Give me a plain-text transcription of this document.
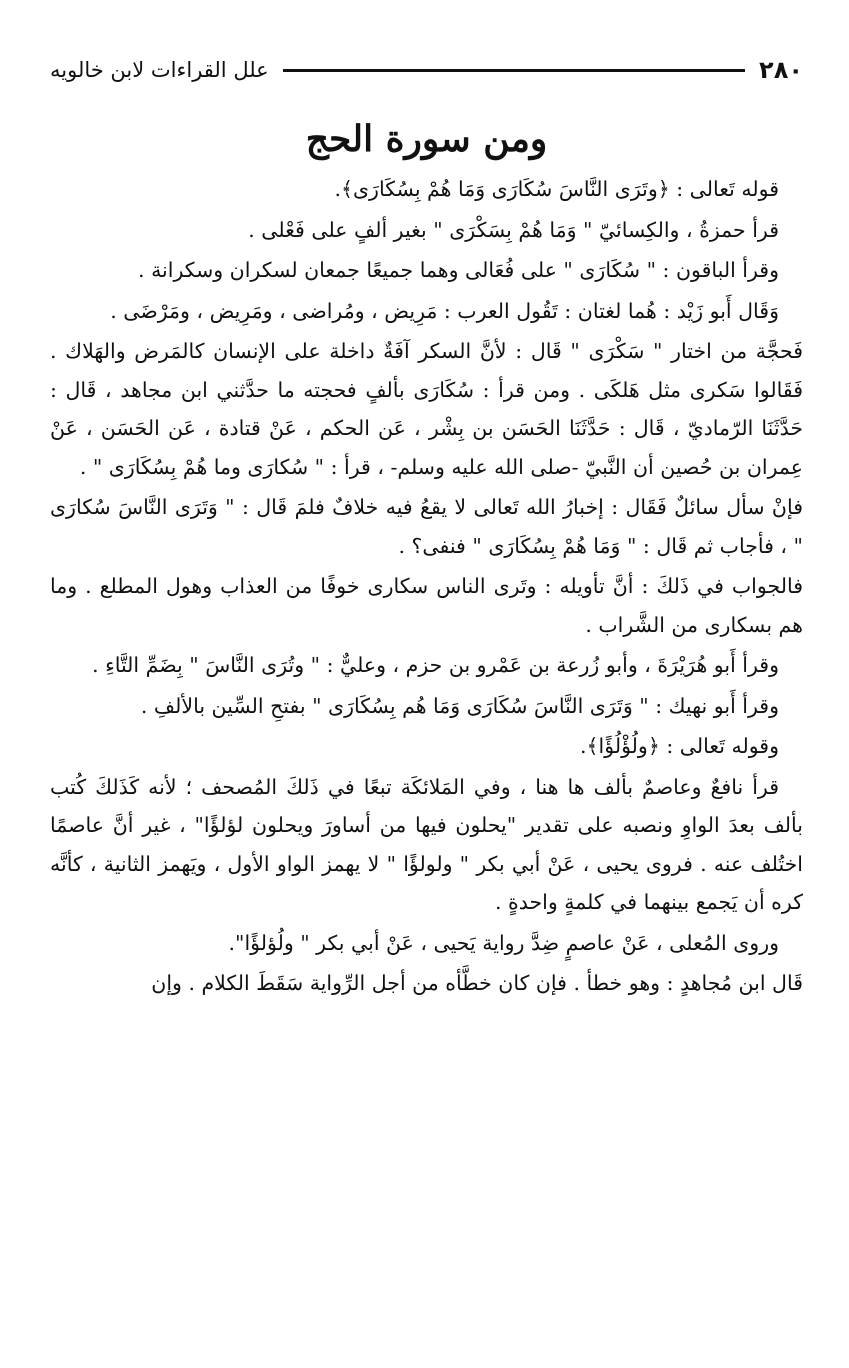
٢٨٠
علل القراءات لابن خالويه
ومن سورة الحج

قوله تَعالى : ﴿وتَرَى النَّاسَ سُكَارَى وَمَا هُمْ بِسُكَارَى﴾.

قرأ حمزةُ ، والكِسائيّ " وَمَا هُمْ بِسَكْرَى " بغير ألفٍ على فَعْلى .

وقرأ الباقون : " سُكَارَى " على فُعَالى وهما جميعًا جمعان لسكران وسكرانة .

وَقَال أَبو زَيْد : هُما لغتان : تَقُول العرب : مَرِيض ، ومُراضى ، ومَرِيض ، ومَرْضَى .

فَحجَّة من اختار " سَكْرَى " قَال : لأنَّ السكر آفَةٌ داخلة على الإنسان كالمَرض والهَلاك . فَقَالوا سَكرى مثل هَلكَى . ومن قرأ : سُكَارَى بألفٍ فحجته ما حدَّثني ابن مجاهد ، قَال : حَدَّثَنَا الرّماديّ ، قَال : حَدَّثَنَا الحَسَن بن بِشْر ، عَن الحكم ، عَنْ قتادة ، عَن الحَسَن ، عَنْ عِمران بن حُصين أن النَّبيّ -صلى الله عليه وسلم- ، قرأ : " سُكارَى وما هُمْ بِسُكَارَى " .

فإنْ سأل سائلٌ فَقَال : إخبارُ الله تَعالى لا يقعُ فيه خلافٌ فلمَ قَال : " وَتَرَى النَّاسَ سُكارَى " ، فأجاب ثم قَال : " وَمَا هُمْ بِسُكَارَى " فنفى؟ .

فالجواب في ذَلكَ : أنَّ تأويله : وتَرى الناس سكارى خوفًا من العذاب وهول المطلع . وما هم بسكارى من الشَّراب .

وقرأ أَبو هُرَيْرَةَ ، وأبو زُرعة بن عَمْرو بن حزم ، وعليٌّ : " وتُرَى النَّاسَ " بِضَمِّ التَّاءِ .

وقرأ أَبو نهيك : " وَتَرَى النَّاسَ سُكَارَى وَمَا هُم بِسُكَارَى " بفتحِ السِّين بالألفِ .

وقوله تَعالى : ﴿ولُؤْلُؤًا﴾.

قرأ نافعٌ وعاصمٌ بألف ها هنا ، وفي المَلائكَة تبعًا في ذَلكَ المُصحف ؛ لأنه كَذَلكَ كُتب بألف بعدَ الواوِ ونصبه على تقدير "يحلون فيها من أساورَ ويحلون لؤلؤًا" ، غير أنَّ عاصمًا اختُلف عنه . فروى يحيى ، عَنْ أبي بكر " ولولؤًا " لا يهمز الواو الأول ، ويَهمز الثانية ، كأنَّه كره أن يَجمع بينهما في كلمةٍ واحدةٍ .

وروى المُعلى ، عَنْ عاصمٍ ضِدَّ رواية يَحيى ، عَنْ أبي بكر " ولُؤلؤًا".

قَال ابن مُجاهدٍ : وهو خطأ . فإن كان خطَّأه من أجل الرِّواية سَقَطَ الكلام . وإن
